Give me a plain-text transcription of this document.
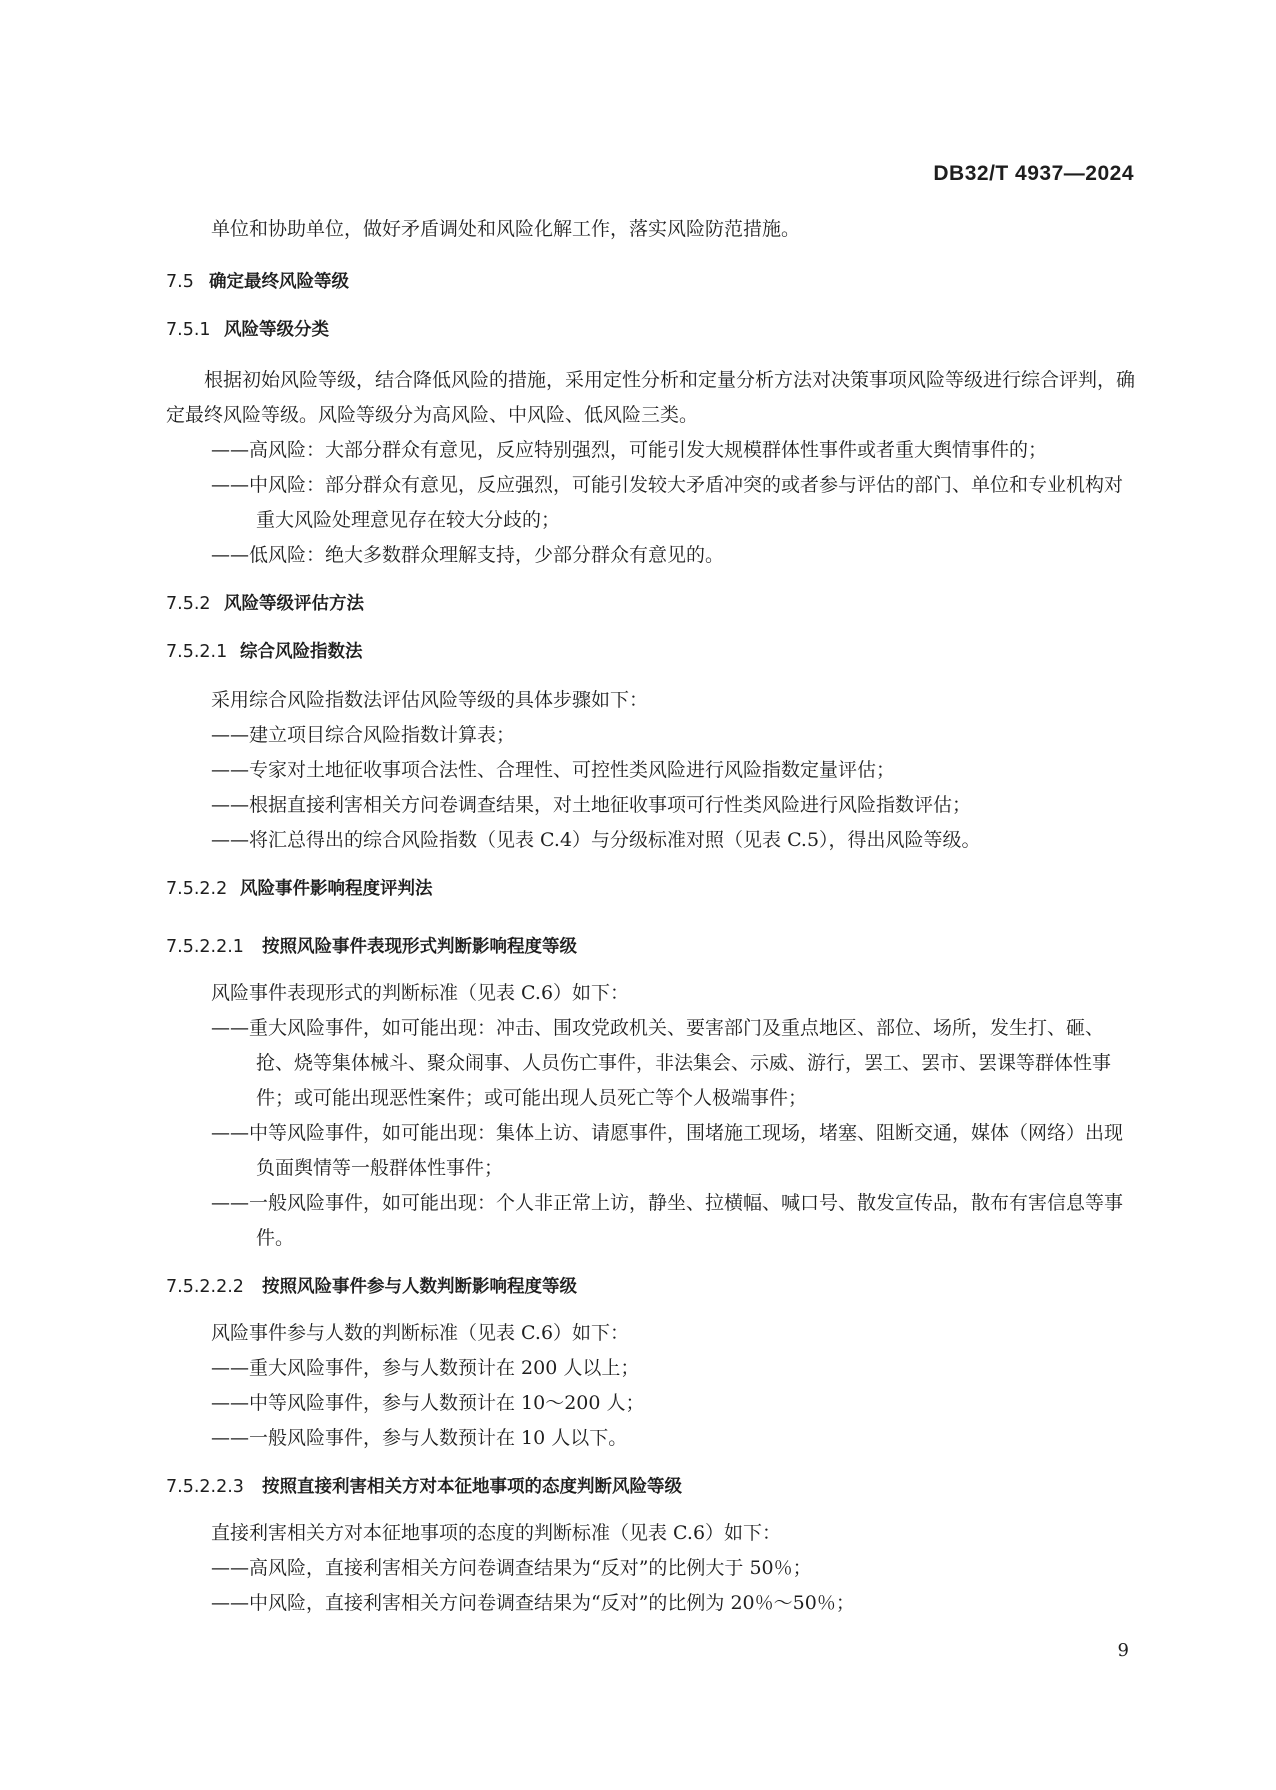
DB32/T 4937—2024

单位和协助单位，做好矛盾调处和风险化解工作，落实风险防范措施。

7.5 确定最终风险等级
7.5.1 风险等级分类

根据初始风险等级，结合降低风险的措施，采用定性分析和定量分析方法对决策事项风险等级进行综合评判，确定最终风险等级。风险等级分为高风险、中风险、低风险三类。

——高风险：大部分群众有意见，反应特别强烈，可能引发大规模群体性事件或者重大舆情事件的；

——中风险：部分群众有意见，反应强烈，可能引发较大矛盾冲突的或者参与评估的部门、单位和专业机构对重大风险处理意见存在较大分歧的；

——低风险：绝大多数群众理解支持，少部分群众有意见的。

7.5.2 风险等级评估方法
7.5.2.1 综合风险指数法

采用综合风险指数法评估风险等级的具体步骤如下：

——建立项目综合风险指数计算表；

——专家对土地征收事项合法性、合理性、可控性类风险进行风险指数定量评估；

——根据直接利害相关方问卷调查结果，对土地征收事项可行性类风险进行风险指数评估；

——将汇总得出的综合风险指数（见表 C.4）与分级标准对照（见表 C.5），得出风险等级。

7.5.2.2 风险事件影响程度评判法
7.5.2.2.1	按照风险事件表现形式判断影响程度等级

风险事件表现形式的判断标准（见表 C.6）如下：

——重大风险事件，如可能出现：冲击、围攻党政机关、要害部门及重点地区、部位、场所，发生打、砸、抢、烧等集体械斗、聚众闹事、人员伤亡事件，非法集会、示威、游行，罢工、罢市、罢课等群体性事件；或可能出现恶性案件；或可能出现人员死亡等个人极端事件；

——中等风险事件，如可能出现：集体上访、请愿事件，围堵施工现场，堵塞、阻断交通，媒体（网络）出现负面舆情等一般群体性事件；

——一般风险事件，如可能出现：个人非正常上访，静坐、拉横幅、喊口号、散发宣传品，散布有害信息等事件。

7.5.2.2.2	按照风险事件参与人数判断影响程度等级

风险事件参与人数的判断标准（见表 C.6）如下：

——重大风险事件，参与人数预计在 200 人以上；

——中等风险事件，参与人数预计在 10～200 人；

——一般风险事件，参与人数预计在 10 人以下。

7.5.2.2.3	按照直接利害相关方对本征地事项的态度判断风险等级

直接利害相关方对本征地事项的态度的判断标准（见表 C.6）如下：

——高风险，直接利害相关方问卷调查结果为“反对”的比例大于 50％；

——中风险，直接利害相关方问卷调查结果为“反对”的比例为 20％～50％；

9
